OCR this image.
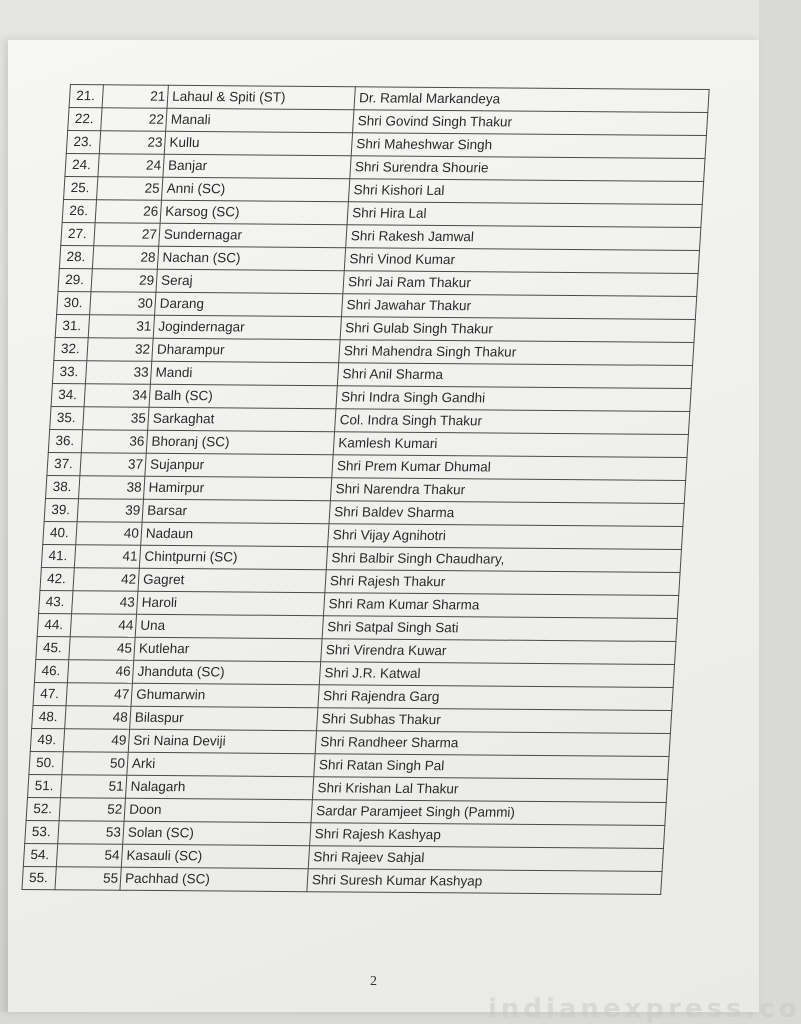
21.	21	Lahaul & Spiti (ST)	Dr. Ramlal Markandeya
22.	22	Manali	Shri Govind Singh Thakur
23.	23	Kullu	Shri Maheshwar Singh
24.	24	Banjar	Shri Surendra Shourie
25.	25	Anni (SC)	Shri Kishori Lal
26.	26	Karsog (SC)	Shri Hira Lal
27.	27	Sundernagar	Shri Rakesh Jamwal
28.	28	Nachan (SC)	Shri Vinod Kumar
29.	29	Seraj	Shri Jai Ram Thakur
30.	30	Darang	Shri Jawahar Thakur
31.	31	Jogindernagar	Shri Gulab Singh Thakur
32.	32	Dharampur	Shri Mahendra Singh Thakur
33.	33	Mandi	Shri Anil Sharma
34.	34	Balh (SC)	Shri Indra Singh Gandhi
35.	35	Sarkaghat	Col. Indra Singh Thakur
36.	36	Bhoranj (SC)	Kamlesh Kumari
37.	37	Sujanpur	Shri Prem Kumar Dhumal
38.	38	Hamirpur	Shri Narendra Thakur
39.	39	Barsar	Shri Baldev Sharma
40.	40	Nadaun	Shri Vijay Agnihotri
41.	41	Chintpurni (SC)	Shri Balbir Singh Chaudhary,
42.	42	Gagret	Shri Rajesh Thakur
43.	43	Haroli	Shri Ram Kumar Sharma
44.	44	Una	Shri Satpal Singh Sati
45.	45	Kutlehar	Shri Virendra Kuwar
46.	46	Jhanduta (SC)	Shri J.R. Katwal
47.	47	Ghumarwin	Shri Rajendra Garg
48.	48	Bilaspur	Shri Subhas Thakur
49.	49	Sri Naina Deviji	Shri Randheer Sharma
50.	50	Arki	Shri Ratan Singh Pal
51.	51	Nalagarh	Shri Krishan Lal Thakur
52.	52	Doon	Sardar Paramjeet Singh (Pammi)
53.	53	Solan (SC)	Shri Rajesh Kashyap
54.	54	Kasauli (SC)	Shri Rajeev Sahjal
55.	55	Pachhad (SC)	Shri Suresh Kumar Kashyap
2
indianexpress.co
